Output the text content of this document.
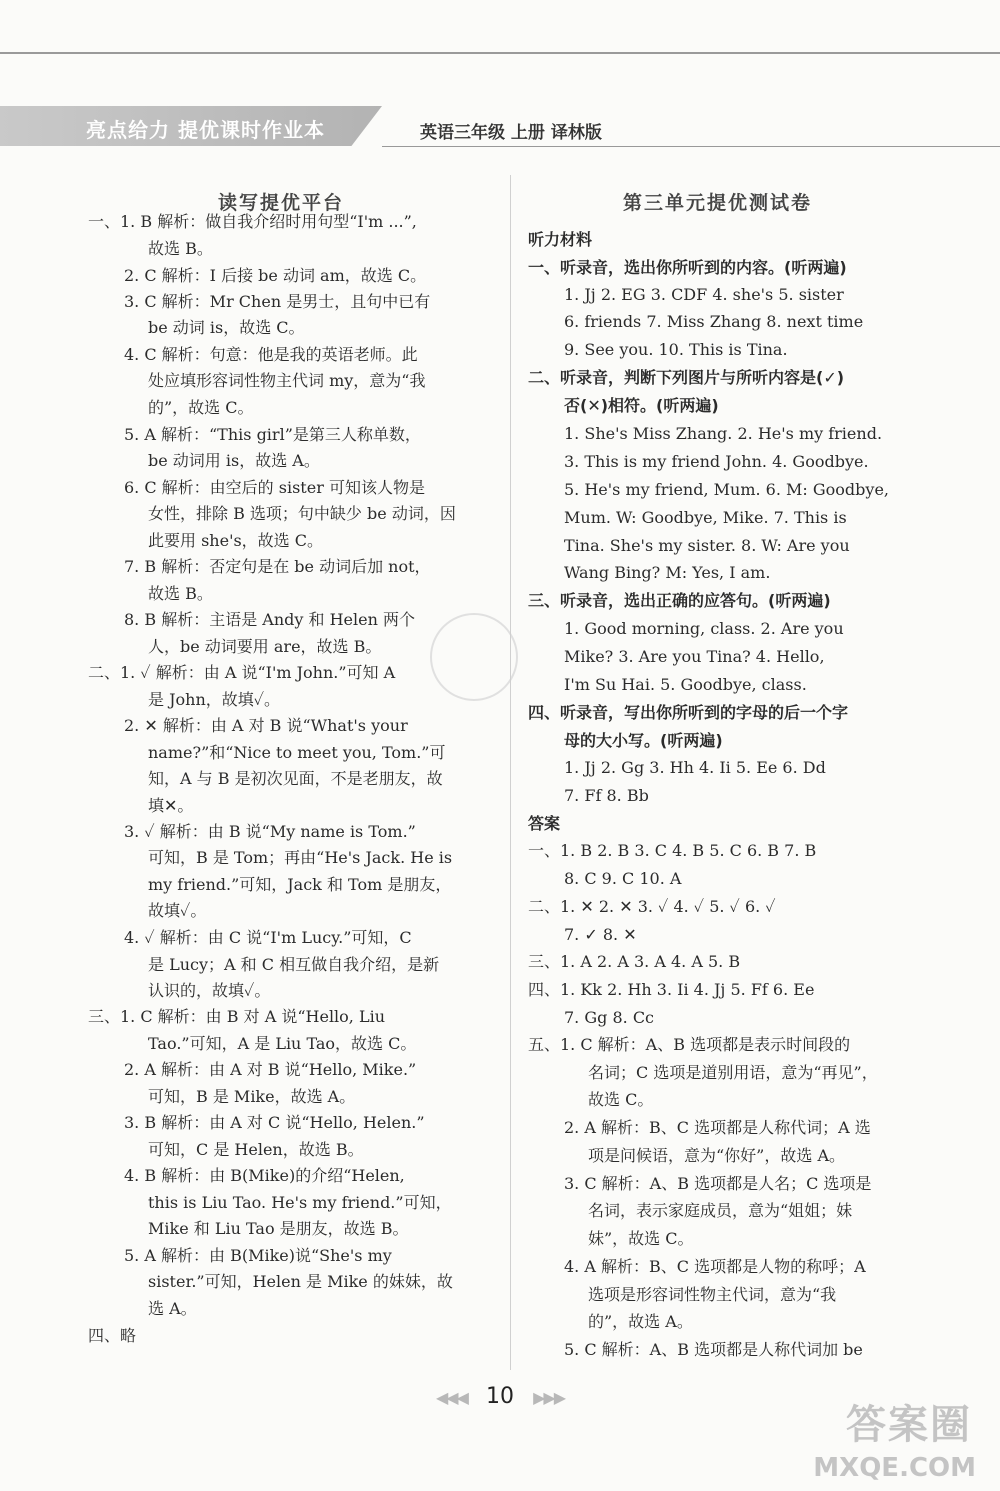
亮点给力 提优课时作业本	英语三年级 上册 译林版
读写提优平台
一、1. B 解析：做自我介绍时用句型“I'm ...”,
故选 B。
2. C 解析：I 后接 be 动词 am，故选 C。
3. C 解析：Mr Chen 是男士，且句中已有
be 动词 is，故选 C。
4. C 解析：句意：他是我的英语老师。此
处应填形容词性物主代词 my，意为“我
的”，故选 C。
5. A 解析：“This girl”是第三人称单数，
be 动词用 is，故选 A。
6. C 解析：由空后的 sister 可知该人物是
女性，排除 B 选项；句中缺少 be 动词，因
此要用 she's，故选 C。
7. B 解析：否定句是在 be 动词后加 not，
故选 B。
8. B 解析：主语是 Andy 和 Helen 两个
人，be 动词要用 are，故选 B。
二、1. ✓ 解析：由 A 说“I'm John.”可知 A
是 John，故填✓。
2. ✕ 解析：由 A 对 B 说“What's your
name?”和“Nice to meet you, Tom.”可
知，A 与 B 是初次见面，不是老朋友，故
填✕。
3. ✓ 解析：由 B 说“My name is Tom.”
可知，B 是 Tom；再由“He's Jack. He is
my friend.”可知，Jack 和 Tom 是朋友，
故填✓。
4. ✓ 解析：由 C 说“I'm Lucy.”可知，C
是 Lucy；A 和 C 相互做自我介绍，是新
认识的，故填✓。
三、1. C 解析：由 B 对 A 说“Hello, Liu
Tao.”可知，A 是 Liu Tao，故选 C。
2. A 解析：由 A 对 B 说“Hello, Mike.”
可知，B 是 Mike，故选 A。
3. B 解析：由 A 对 C 说“Hello, Helen.”
可知，C 是 Helen，故选 B。
4. B 解析：由 B(Mike)的介绍“Helen,
this is Liu Tao. He's my friend.”可知，
Mike 和 Liu Tao 是朋友，故选 B。
5. A 解析：由 B(Mike)说“She's my
sister.”可知，Helen 是 Mike 的妹妹，故
选 A。
四、略
第三单元提优测试卷
听力材料
一、听录音，选出你所听到的内容。(听两遍)
1. Jj 2. EG 3. CDF 4. she's 5. sister
6. friends 7. Miss Zhang 8. next time
9. See you. 10. This is Tina.
二、听录音，判断下列图片与所听内容是(✓)
否(✕)相符。(听两遍)
1. She's Miss Zhang. 2. He's my friend.
3. This is my friend John. 4. Goodbye.
5. He's my friend, Mum. 6. M: Goodbye,
Mum. W: Goodbye, Mike. 7. This is
Tina. She's my sister. 8. W: Are you
Wang Bing? M: Yes, I am.
三、听录音，选出正确的应答句。(听两遍)
1. Good morning, class. 2. Are you
Mike? 3. Are you Tina? 4. Hello,
I'm Su Hai. 5. Goodbye, class.
四、听录音，写出你所听到的字母的后一个字
母的大小写。(听两遍)
1. Jj 2. Gg 3. Hh 4. Ii 5. Ee 6. Dd
7. Ff 8. Bb
答案
一、1. B 2. B 3. C 4. B 5. C 6. B 7. B
8. C 9. C 10. A
二、1. ✕ 2. ✕ 3. ✓ 4. ✓ 5. ✓ 6. ✓
7. ✓ 8. ✕
三、1. A 2. A 3. A 4. A 5. B
四、1. Kk 2. Hh 3. Ii 4. Jj 5. Ff 6. Ee
7. Gg 8. Cc
五、1. C 解析：A、B 选项都是表示时间段的
名词；C 选项是道别用语，意为“再见”，
故选 C。
2. A 解析：B、C 选项都是人称代词；A 选
项是问候语，意为“你好”，故选 A。
3. C 解析：A、B 选项都是人名；C 选项是
名词，表示家庭成员，意为“姐姐；妹
妹”，故选 C。
4. A 解析：B、C 选项都是人物的称呼；A
选项是形容词性物主代词，意为“我
的”，故选 A。
5. C 解析：A、B 选项都是人称代词加 be
◀◀◀ 10 ▶▶▶
答案圈
MXQE.COM
